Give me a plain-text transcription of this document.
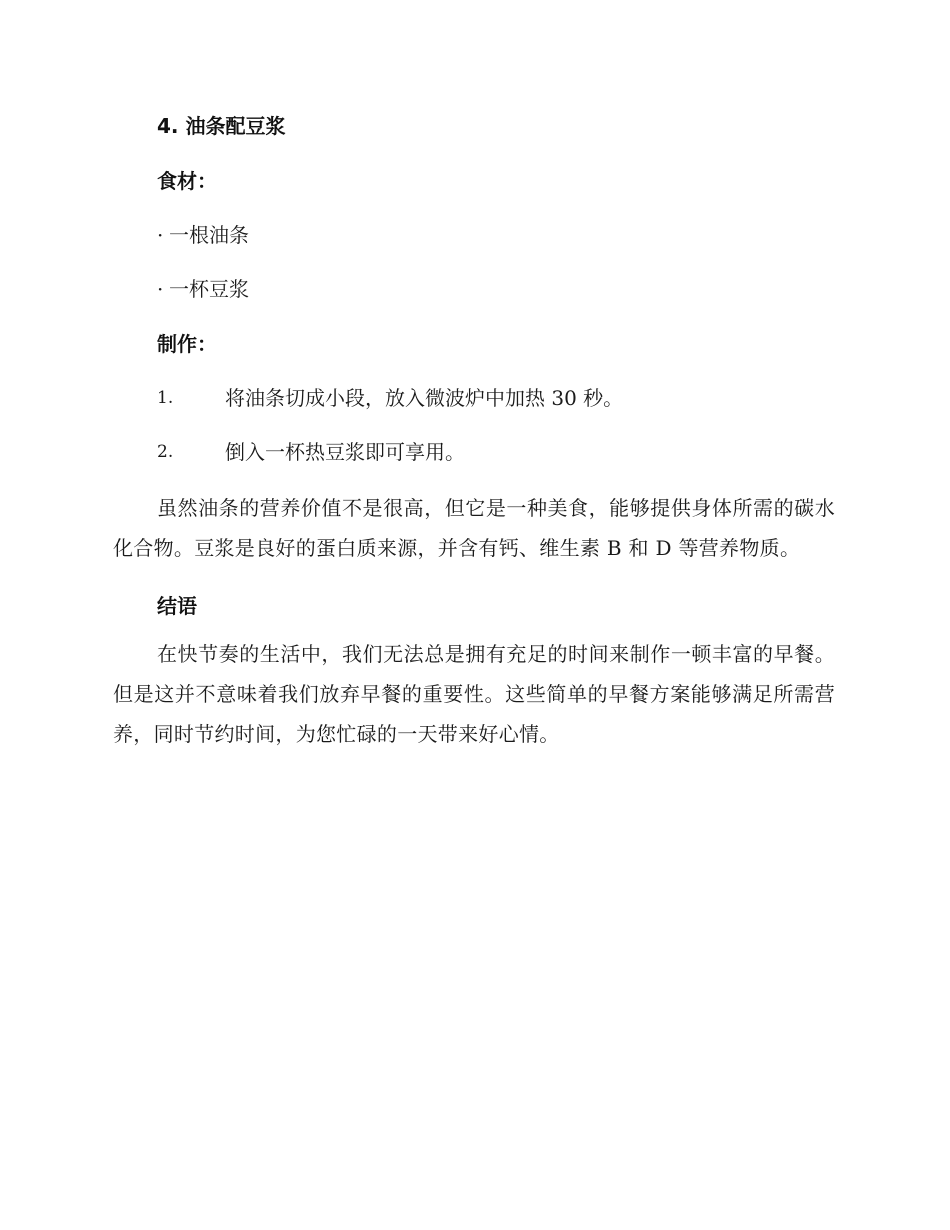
4. 油条配豆浆
食材：
· 一根油条
· 一杯豆浆
制作：
1.	将油条切成小段，放入微波炉中加热 30 秒。
2.	倒入一杯热豆浆即可享用。

虽然油条的营养价值不是很高，但它是一种美食，能够提供身体所需的碳水化合物。豆浆是良好的蛋白质来源，并含有钙、维生素 B 和 D 等营养物质。

结语

在快节奏的生活中，我们无法总是拥有充足的时间来制作一顿丰富的早餐。但是这并不意味着我们放弃早餐的重要性。这些简单的早餐方案能够满足所需营养，同时节约时间，为您忙碌的一天带来好心情。
